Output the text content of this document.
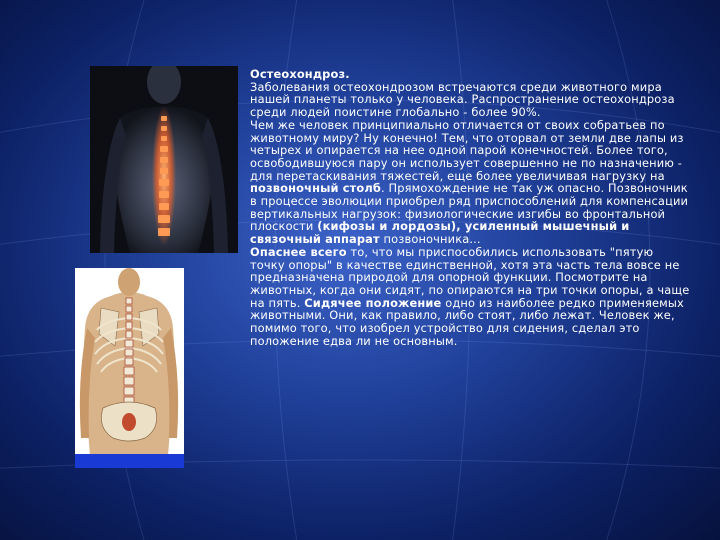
Остеохондроз.

Заболевания остеохондрозом встречаются среди животного мира нашей планеты только у человека. Распространение остеохондроза среди людей поистине глобально - более 90%.

Чем же человек принципиально отличается от своих собратьев по животному миру? Ну конечно! Тем, что оторвал от земли две лапы из четырех и опирается на нее одной парой конечностей. Более того, освободившуюся пару он использует совершенно не по назначению - для перетаскивания тяжестей, еще более увеличивая нагрузку на позвоночный столб. Прямохождение не так уж опасно. Позвоночник в процессе эволюции приобрел ряд приспособлений для компенсации вертикальных нагрузок: физиологические изгибы во фронтальной плоскости (кифозы и лордозы), усиленный мышечный и связочный аппарат позвоночника...

Опаснее всего то, что мы приспособились использовать "пятую точку опоры" в качестве единственной, хотя эта часть тела вовсе не предназначена природой для опорной функции. Посмотрите на животных, когда они сидят, по опираются на три точки опоры, а чаще на пять. Сидячее положение одно из наиболее редко применяемых животными. Они, как правило, либо стоят, либо лежат. Человек же, помимо того, что изобрел устройство для сидения, сделал это положение едва ли не основным.
